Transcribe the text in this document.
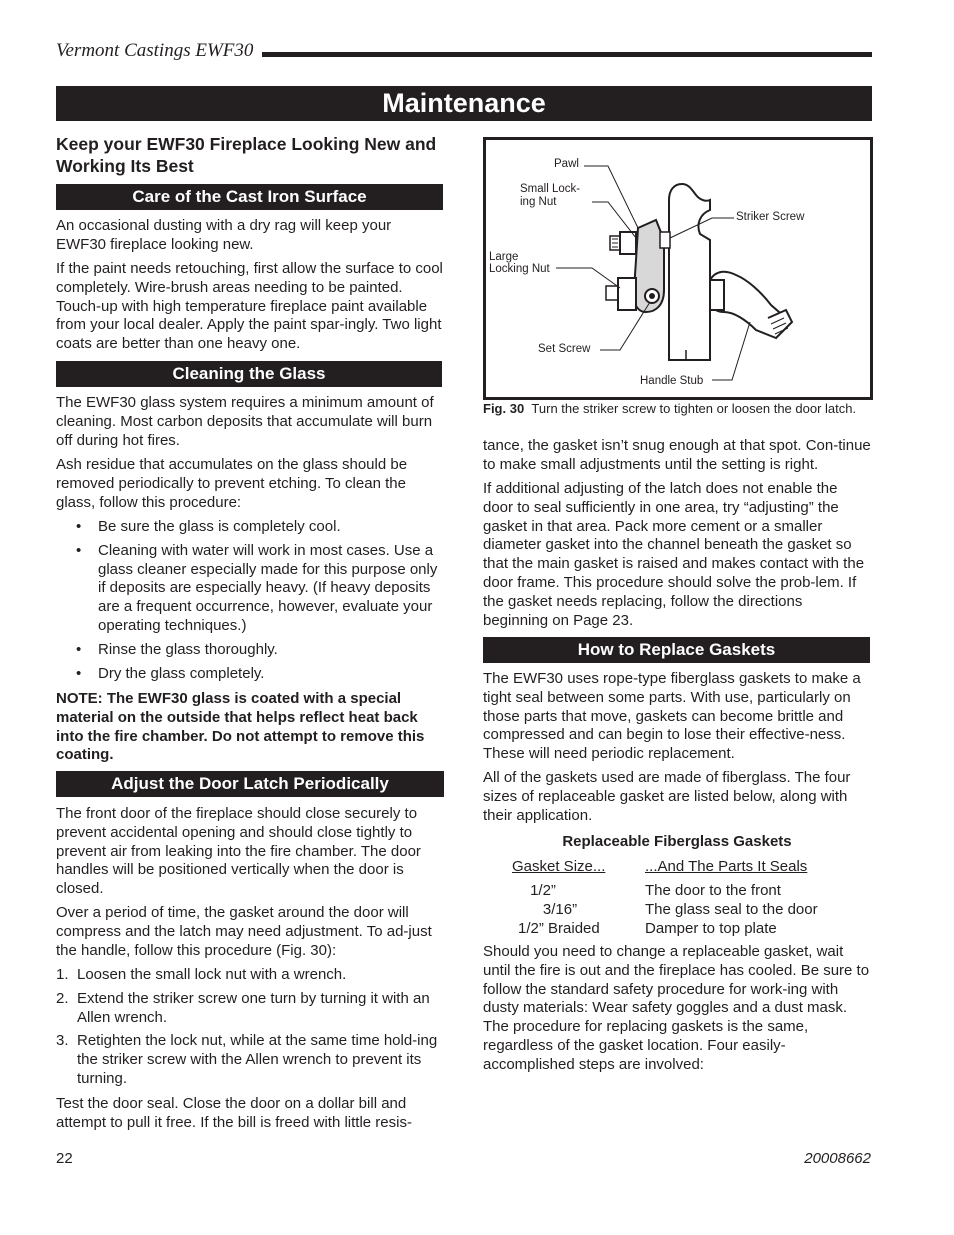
Vermont Castings EWF30
Maintenance
Keep your EWF30 Fireplace Looking New and Working Its Best
Care of the Cast Iron Surface

An occasional dusting with a dry rag will keep your EWF30 fireplace looking new.

If the paint needs retouching, first allow the surface to cool completely. Wire-brush areas needing to be painted. Touch-up with high temperature fireplace paint available from your local dealer. Apply the paint spar-ingly. Two light coats are better than one heavy one.

Cleaning the Glass

The EWF30 glass system requires a minimum amount of cleaning. Most carbon deposits that accumulate will burn off during hot fires.

Ash residue that accumulates on the glass should be removed periodically to prevent etching. To clean the glass, follow this procedure:

• Be sure the glass is completely cool.
• Cleaning with water will work in most cases. Use a glass cleaner especially made for this purpose only if deposits are especially heavy. (If heavy deposits are a frequent occurrence, however, evaluate your operating techniques.)
• Rinse the glass thoroughly.
• Dry the glass completely.
NOTE: The EWF30 glass is coated with a special material on the outside that helps reflect heat back into the fire chamber. Do not attempt to remove this coating.
Adjust the Door Latch Periodically

The front door of the fireplace should close securely to prevent accidental opening and should close tightly to prevent air from leaking into the fire chamber. The door handles will be positioned vertically when the door is closed.

Over a period of time, the gasket around the door will compress and the latch may need adjustment. To ad-just the handle, follow this procedure (Fig. 30):

1. Loosen the small lock nut with a wrench.
2. Extend the striker screw one turn by turning it with an Allen wrench.
3. Retighten the lock nut, while at the same time hold-ing the striker screw with the Allen wrench to prevent its turning.

Test the door seal. Close the door on a dollar bill and attempt to pull it free. If the bill is freed with little resis-

Pawl
Small Lock-
ing Nut
Striker Screw
Large
Locking Nut
Set Screw
Handle Stub
Fig. 30 Turn the striker screw to tighten or loosen the door latch.

tance, the gasket isn’t snug enough at that spot. Con-tinue to make small adjustments until the setting is right.

If additional adjusting of the latch does not enable the door to seal sufficiently in one area, try “adjusting” the gasket in that area. Pack more cement or a smaller diameter gasket into the channel beneath the gasket so that the main gasket is raised and makes contact with the door frame. This procedure should solve the prob-lem. If the gasket needs replacing, follow the directions beginning on Page 23.

How to Replace Gaskets

The EWF30 uses rope-type fiberglass gaskets to make a tight seal between some parts. With use, particularly on those parts that move, gaskets can become brittle and compressed and can begin to lose their effective-ness. These will need periodic replacement.

All of the gaskets used are made of fiberglass. The four sizes of replaceable gasket are listed below, along with their application.

Replaceable Fiberglass Gaskets
Gasket Size...	...And The Parts It Seals
1/2”	The door to the front
3/16”	The glass seal to the door
1/2” Braided	Damper to top plate

Should you need to change a replaceable gasket, wait until the fire is out and the fireplace has cooled. Be sure to follow the standard safety procedure for work-ing with dusty materials: Wear safety goggles and a dust mask. The procedure for replacing gaskets is the same, regardless of the gasket location. Four easily-accomplished steps are involved:

22	20008662
